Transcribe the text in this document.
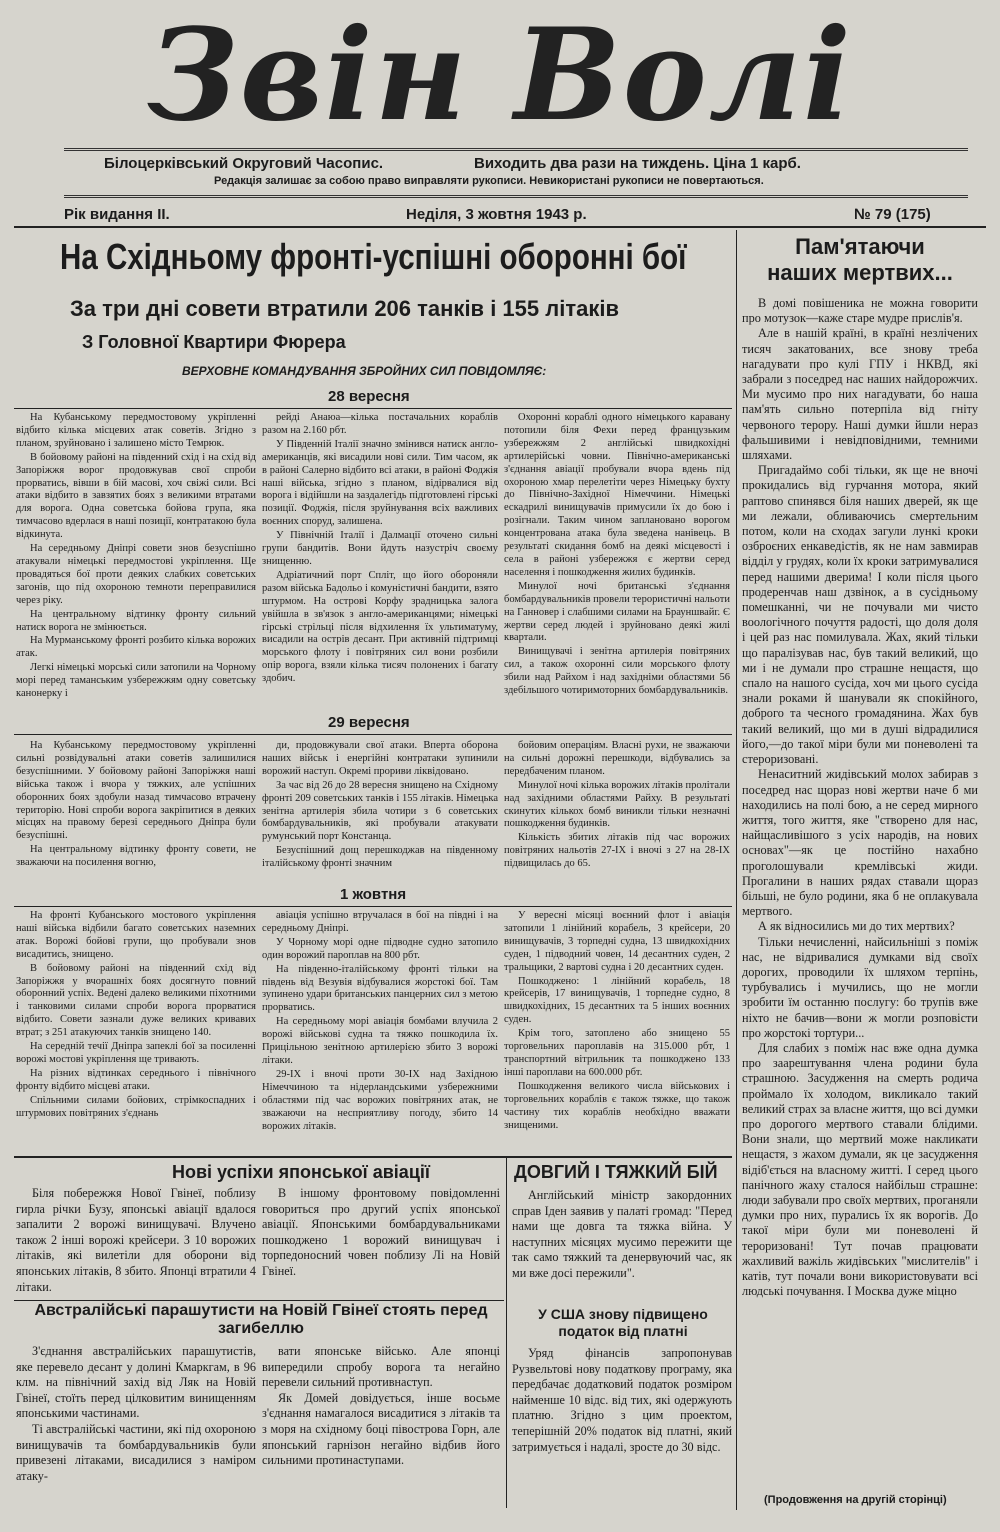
Звін Волі
Білоцерківський Округовий Часопис.	Виходить два рази на тиждень. Ціна 1 карб.
Редакція залишає за собою право виправляти рукописи. Невикористані рукописи не повертаються.
Рік видання II.	Неділя, 3 жовтня 1943 р.	№ 79 (175)
На Східньому фронті-успішні оборонні бої
За три дні совети втратили 206 танків і 155 літаків
З Головної Квартири Фюрера
ВЕРХОВНЕ КОМАНДУВАННЯ ЗБРОЙНИХ СИЛ ПОВІДОМЛЯЄ:
28 вересня

На Кубанському передмостовому укріпленні відбито кілька місцевих атак советів. Згідно з планом, зруйновано і залишено місто Темрюк.

В бойовому районі на південний схід і на схід від Запоріжжя ворог продовжував свої спроби прорватись, вівши в бій масові, хоч свіжі сили. Всі атаки відбито в завзятих боях з великими втратами для ворога. Одна советська бойова група, яка тимчасово вдерлася в наші позиції, контратакою була відкинута.

На середньому Дніпрі совети знов безуспішно атакували німецькі передмостові укріплення. Ще провадяться бої проти деяких слабких советських загонів, що під охороною темноти переправилися через ріку.

На центральному відтинку фронту сильний натиск ворога не змінюється.

На Мурманському фронті розбито кілька ворожих атак.

Легкі німецькі морські сили затопили на Чорному морі перед таманським узбережжям одну советську канонерку і

рейді Анаюа—кілька постачальних кораблів разом на 2.160 рбт.

У Південній Італії значно змінився натиск англо-американців, які висадили нові сили. Тим часом, як в районі Салерно відбито всі атаки, в районі Фоджія наші війська, згідно з планом, відірвалися від ворога і відійшли на заздалегідь підготовлені гірські позиції. Фоджія, після зруйнування всіх важливих воєнних споруд, залишена.

У Північній Італії і Далмації оточено сильні групи бандитів. Вони йдуть назустріч своєму знищенню.

Адріатичний порт Спліт, що його обороняли разом війська Бадольо і комуністичні бандити, взято штурмом. На острові Корфу зрадницька залога увійшла в зв'язок з англо-американцями; німецькі гірські стрільці після відхилення їх ультиматуму, висадили на острів десант. При активній підтримці морського флоту і повітряних сил вони розбили опір ворога, взяли кілька тисяч полонених і багату здобич.

Охоронні кораблі одного німецького каравану потопили біля Фехи перед французьким узбережжям 2 англійські швидкохідні артилерійські човни. Північно-американські з'єднання авіації пробували вчора вдень під охороною хмар перелетіти через Німецьку бухту до Північно-Західної Німеччини. Німецькі ескадрилі винищувачів примусили їх до бою і розігнали. Таким чином заплановано ворогом концентрована атака була зведена нанівець. В результаті скидання бомб на деякі місцевості і села в районі узбережжя є жертви серед населення і пошкодження жилих будинків.

Минулої ночі британські з'єднання бомбардувальників провели терористичні нальоти на Ганновер і слабшими силами на Брауншвайг. Є жертви серед людей і зруйновано деякі жилі квартали.

Винищувачі і зенітна артилерія повітряних сил, а також охоронні сили морського флоту збили над Райхом і над західніми областями 56 здебільшого чотиримоторних бомбардувальників.

29 вересня

На Кубанському передмостовому укріпленні сильні розвідувальні атаки советів залишилися безуспішними. У бойовому районі Запоріжжя наші війська також і вчора у тяжких, але успішних оборонних боях здобули назад тимчасово втрачену територію. Нові спроби ворога закріпитися в деяких місцях на правому березі середнього Дніпра були безуспішні.

На центральному відтинку фронту совети, не зважаючи на посилення вогню,

ди, продовжували свої атаки. Вперта оборона наших військ і енергійні контратаки зупинили ворожий наступ. Окремі прориви ліквідовано.

За час від 26 до 28 вересня знищено на Східному фронті 209 советських танків і 155 літаків. Німецька зенітна артилерія збила чотири з 6 советських бомбардувальників, які пробували атакувати румунський порт Констанца.

Безуспішний дощ перешкоджав на південному італійському фронті значним

бойовим операціям. Власні рухи, не зважаючи на сильні дорожні перешкоди, відбувались за передбаченим планом.

Минулої ночі кілька ворожих літаків пролітали над західними областями Райху. В результаті скинутих кількох бомб виникли тільки незначні пошкодження будинків.

Кількість збитих літаків під час ворожих повітряних нальотів 27-IX і вночі з 27 на 28-IX підвищилась до 65.

1 жовтня

На фронті Кубанського мостового укріплення наші війська відбили багато советських наземних атак. Ворожі бойові групи, що пробували знов висадитись, знищено.

В бойовому районі на південний схід від Запоріжжя у вчорашніх боях досягнуто повний оборонний успіх. Ведені далеко великими піхотними і танковими силами спроби ворога прорватися відбито. Совети зазнали дуже великих кривавих втрат; з 251 атакуючих танків знищено 140.

На середній течії Дніпра запеклі бої за посиленні ворожі мостові укріплення ще тривають.

На різних відтинках середнього і північного фронту відбито місцеві атаки.

Спільними силами бойових, стрімкоспадних і штурмових повітряних з'єднань

авіація успішно втручалася в бої на півдні і на середньому Дніпрі.

У Чорному морі одне підводне судно затопило один ворожий пароплав на 800 рбт.

На південно-італійському фронті тільки на південь від Везувія відбувалися жорстокі бої. Там зупинено удари британських панцерних сил з метою прорватись.

На середньому морі авіація бомбами влучила 2 ворожі військові судна та тяжко пошкодила їх. Прицільною зенітною артилерією збито 3 ворожі літаки.

29-IX і вночі проти 30-IX над Західною Німеччиною та нідерландськими узбережними областями під час ворожих повітряних атак, не зважаючи на несприятливу погоду, збито 14 ворожих літаків.

У вересні місяці воєнний флот і авіація затопили 1 лінійний корабель, 3 крейсери, 20 винищувачів, 3 торпедні судна, 13 швидкохідних суден, 1 підводний човен, 14 десантних суден, 2 тральщики, 2 вартові судна і 20 десантних суден.

Пошкоджено: 1 лінійний корабель, 18 крейсерів, 17 винищувачів, 1 торпедне судно, 8 швидкохідних, 15 десантних та 5 інших воєнних суден.

Крім того, затоплено або знищено 55 торговельних пароплавів на 315.000 рбт, 1 транспортний вітрильник та пошкоджено 133 інші пароплави на 600.000 рбт.

Пошкодження великого числа військових і торговельних кораблів є також тяжке, що також частину тих кораблів необхідно вважати знищеними.

Пам'ятаючи
наших мертвих...

В домі повішеника не можна говорити про мотузок—каже старе мудре прислів'я.

Але в нашій країні, в країні незлічених тисяч закатованих, все знову треба нагадувати про кулі ГПУ і НКВД, які забрали з поседред нас наших найдорожчих. Ми мусимо про них нагадувати, бо наша пам'ять сильно потерпіла від гніту червоного терору. Наші думки йшли нераз фальшивими і невідповідними, темними шляхами.

Пригадаймо собі тільки, як ще не вночі прокидались від гурчання мотора, який раптово спинявся біля наших дверей, як ще ми лежали, обливаючись смертельним потом, коли на сходах загули лункі кроки озброєних енкаведістів, як не нам завмирав відділ у грудях, коли їх кроки затримувалися перед нашими дверима! І коли після цього продеренчав наш дзвінок, а в сусідньому помешканні, чи не почували ми чисто воологічного почуття радості, що доля доля і цей раз нас помилувала. Жах, який тільки що паралізував нас, був такий великий, що ми і не думали про страшне нещастя, що спало на нашого сусіда, хоч ми цього сусіда знали роками й шанували як спокійного, доброго та чесного громадянина. Жах був такий великий, що ми в душі відрадилися його,—до такої міри були ми поневолені та стероризовані.

Ненаситний жидівський молох забирав з поседред нас щораз нові жертви наче б ми находились на полі бою, а не серед мирного життя, того життя, яке "створено для нас, найщасливішого з усіх народів, на нових основах"—як це постійно нахабно проголошували кремлівські жиди. Прогалини в наших рядах ставали щораз більші, не було родини, яка б не оплакувала мертвого.

А як відносились ми до тих мертвих?

Тільки нечисленні, найсильніші з поміж нас, не відривалися думками від своїх дорогих, проводили їх шляхом терпінь, турбувались і мучились, що не могли зробити їм останню послугу: бо трупів вже ніхто не бачив—вони ж могли розповісти про жорстокі тортури...

Для слабих з поміж нас вже одна думка про заарештування члена родини була страшною. Засудження на смерть родича проймало їх холодом, викликало такий великий страх за власне життя, що всі думки про дорогого мертвого ставали блідими. Вони знали, що мертвий може накликати нещастя, з жахом думали, як це засудження відіб'ється на власному житті. І серед цього панічного жаху сталося найбільш страшне: люди забували про своїх мертвих, проганяли думки про них, пурались їх як ворогів. До такої міри були ми поневолені й тероризовані! Тут почав працювати жахливий важіль жидівських "мислителів" і катів, тут почали вони використовувати всі людські почування. І Москва дуже міцно

(Продовження на другій сторінці)
Нові успіхи японської авіації

Біля побережжя Нової Гвінеї, поблизу гирла річки Бузу, японські авіації вдалося запалити 2 ворожі винищувачі. Влучено також 2 інші ворожі крейсери. З 10 ворожих літаків, які вилетіли для оборони від японських літаків, 8 збито. Японці втратили 4 літаки.

В іншому фронтовому повідомленні говориться про другий успіх японської авіації. Японськими бомбардувальниками пошкоджено 1 ворожий винищувач і торпедоносний човен поблизу Лі на Новій Гвінеї.

Австралійські парашутисти на Новій Гвінеї стоять перед загибеллю

З'єднання австралійських парашутистів, яке перевело десант у долині Кмаркгам, в 96 клм. на північний захід від Ляк на Новій Гвінеї, стоїть перед цілковитим винищенням японськими частинами.

Ті австралійські частини, які під охороною винищувачів та бомбардувальників були привезені літаками, висадилися з наміром атаку-

вати японське військо. Але японці випередили спробу ворога та негайно перевели сильний противнаступ.

Як Домей довідується, інше восьме з'єднання намагалося висадитися з літаків та з моря на східному боці півострова Горн, але японський гарнізон негайно відбив його сильними протинаступами.

ДОВГИЙ І ТЯЖКИЙ БІЙ

Англійський міністр закордонних справ Іден заявив у палаті громад: "Перед нами ще довга та тяжка війна. У наступних місяцях мусимо пережити ще так само тяжкий та денервуючий час, як ми вже досі пережили".

У США знову підвищено податок від платні

Уряд фінансів запропонував Рузвельтові нову податкову програму, яка передбачає додатковий податок розміром найменше 10 відс. від тих, які одержують платню. Згідно з цим проектом, теперішній 20% податок від платні, який затримується і надалі, зросте до 30 відс.
